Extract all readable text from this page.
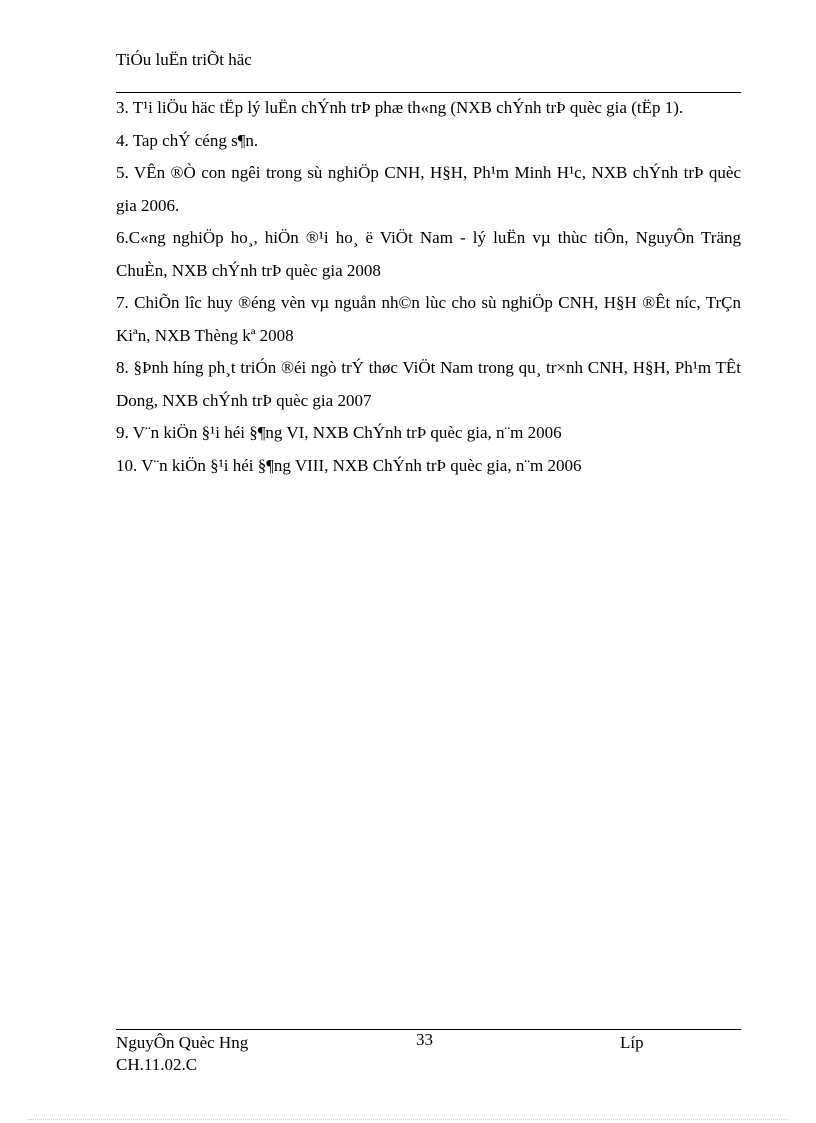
TiÓu luËn triÕt häc

3. T¹i liÖu häc tËp lý luËn chÝnh trÞ phæ th«ng (NXB chÝnh trÞ quèc gia (tËp 1).

4. Tap chÝ céng s¶n.

5. VÊn ®Ò con ngêi trong sù nghiÖp CNH, H§H, Ph¹m Minh H¹c, NXB chÝnh trÞ quèc gia 2006.

6.C«ng nghiÖp ho¸, hiÖn ®¹i ho¸ ë ViÖt Nam - lý luËn vµ thùc tiÔn, NguyÔn Träng ChuÈn, NXB chÝnh trÞ quèc gia 2008

7. ChiÕn lîc huy ®éng vèn vµ nguån nh©n lùc cho sù nghiÖp CNH, H§H ®Êt níc, TrÇn Kiªn, NXB Thèng kª 2008

8. §Þnh híng ph¸t triÓn ®éi ngò trÝ thøc ViÖt Nam trong qu¸ tr×nh CNH, H§H, Ph¹m TÊt Dong, NXB chÝnh trÞ quèc gia 2007

9. V¨n kiÖn §¹i héi §¶ng VI, NXB ChÝnh trÞ quèc gia, n¨m 2006

10. V¨n kiÖn §¹i héi §¶ng VIII, NXB ChÝnh trÞ quèc gia, n¨m 2006

NguyÔn Quèc Hng	33	Líp
CH.11.02.C
